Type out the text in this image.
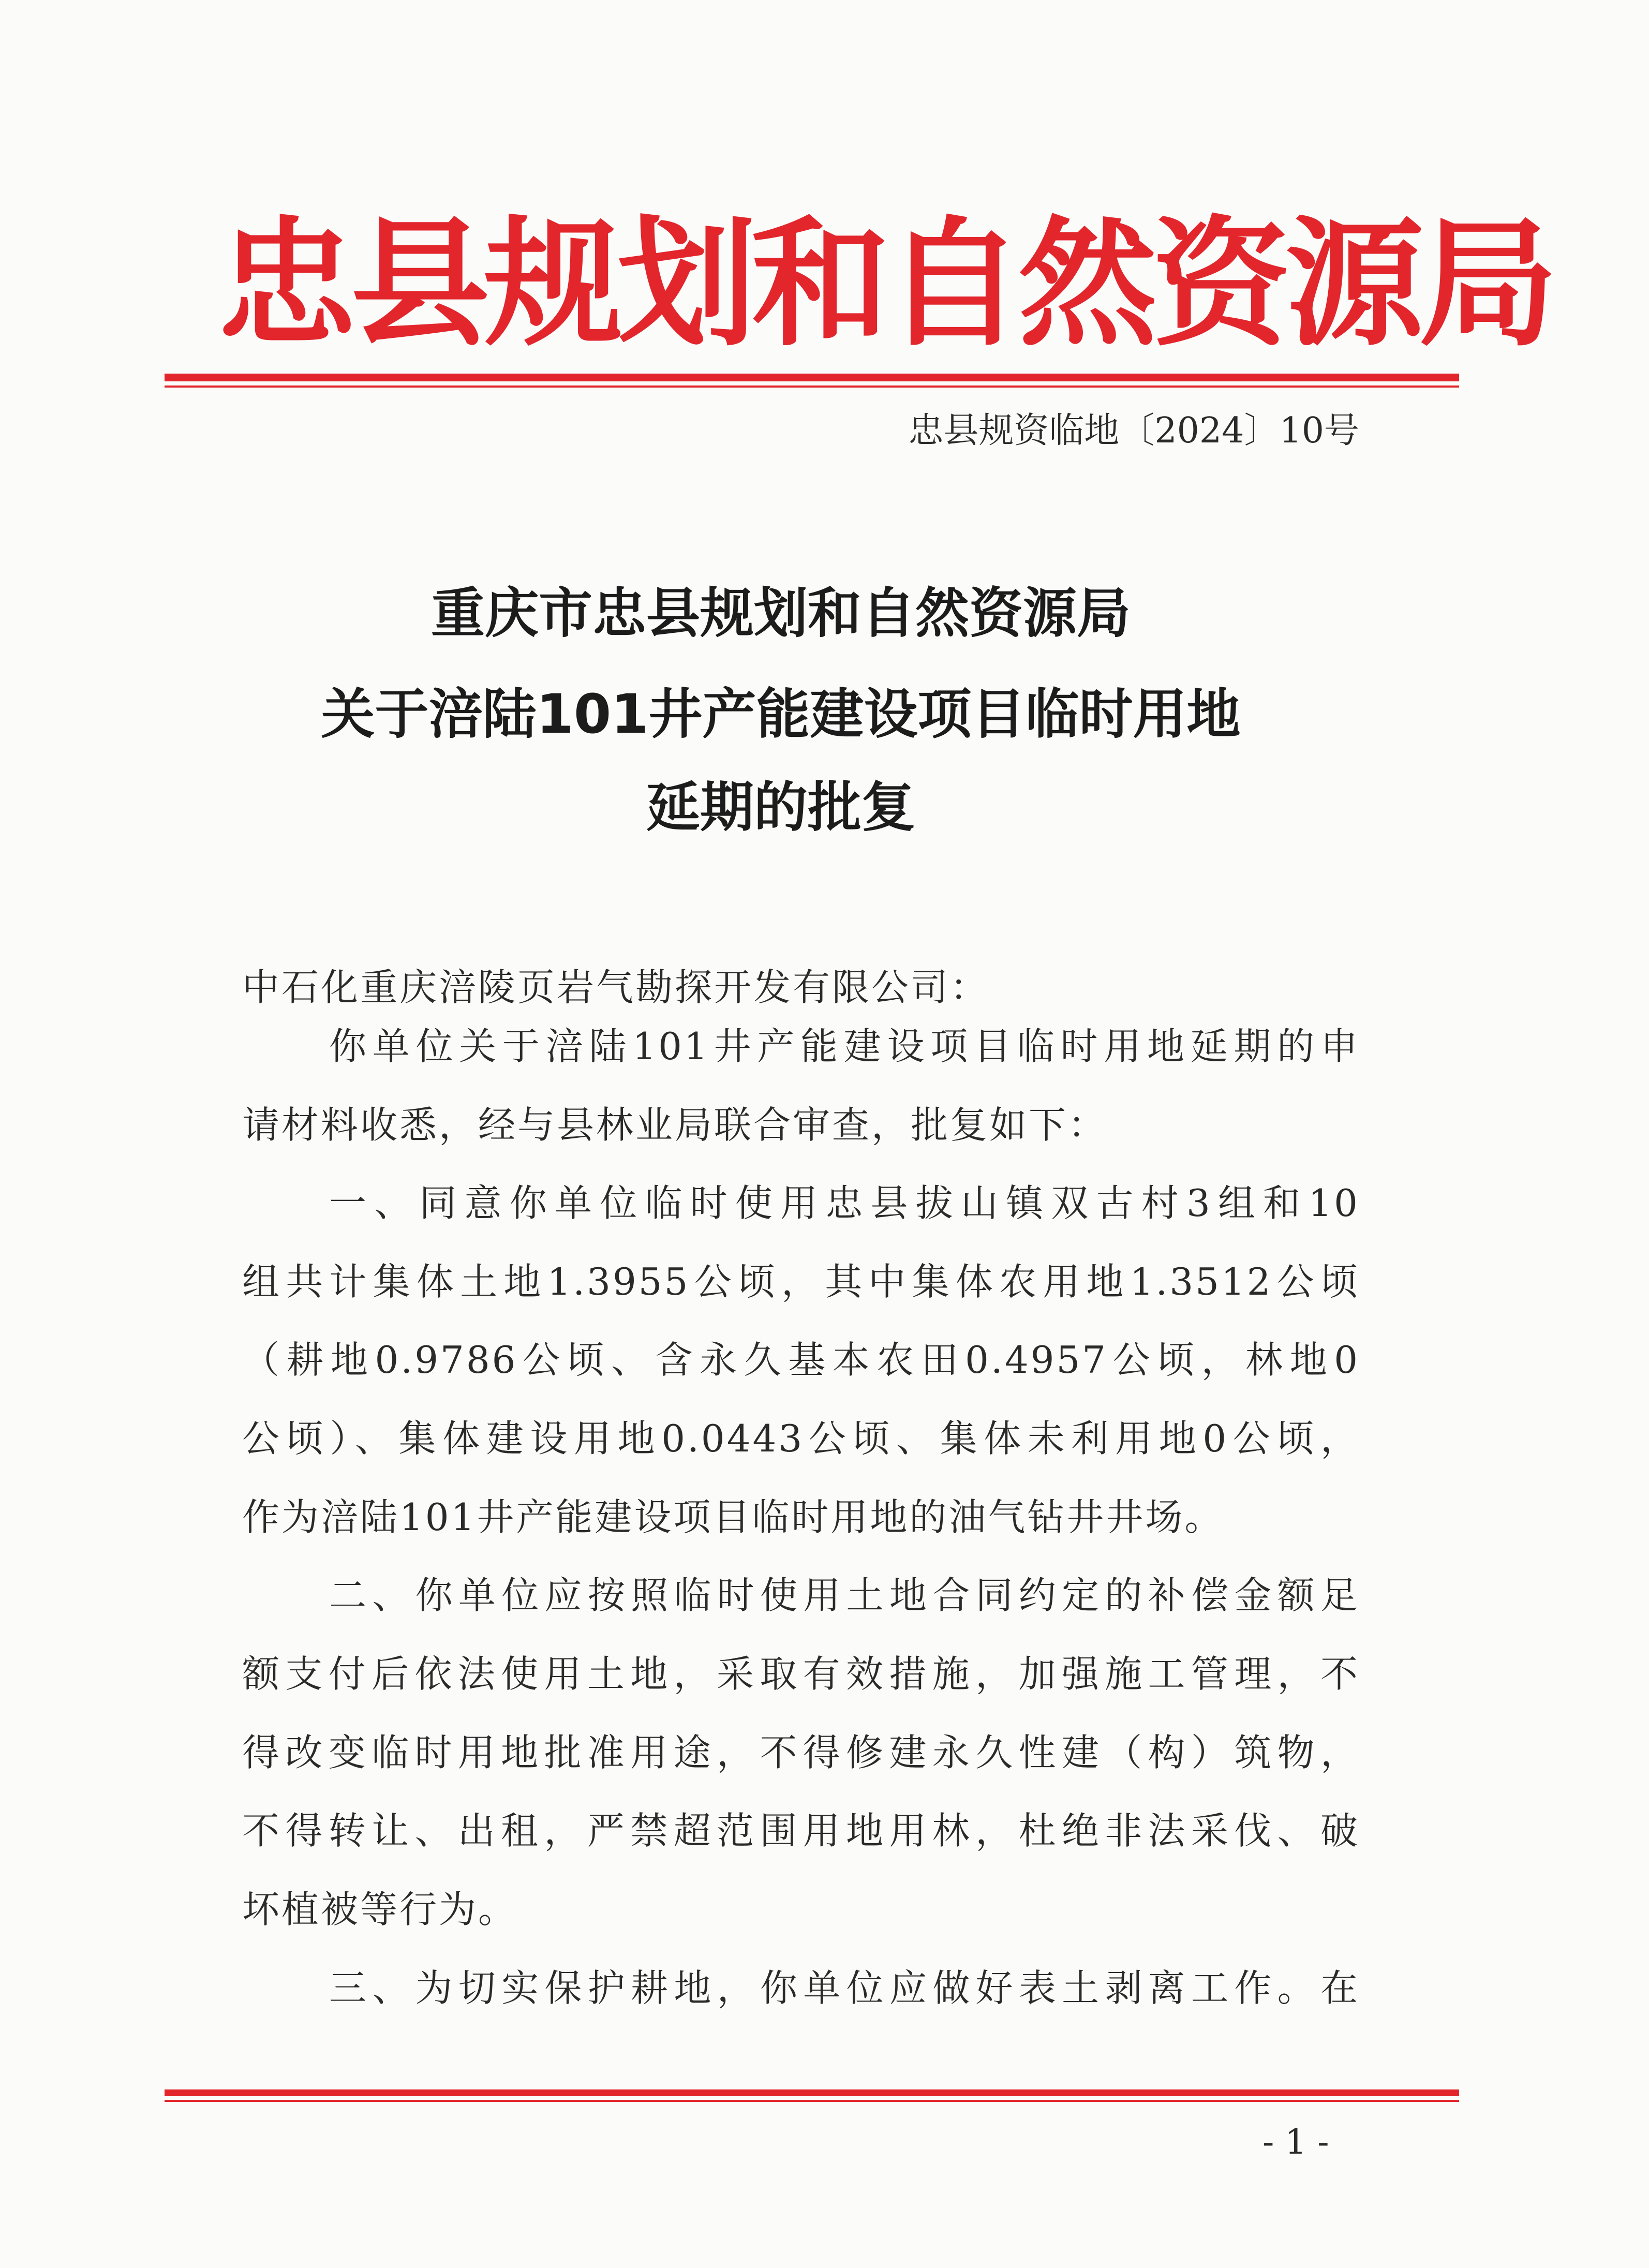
忠县规划和自然资源局
忠县规资临地〔2024〕10号
重庆市忠县规划和自然资源局
关于涪陆101井产能建设项目临时用地
延期的批复
中石化重庆涪陵页岩气勘探开发有限公司：
你单位关于涪陆101井产能建设项目临时用地延期的申
请材料收悉，经与县林业局联合审查，批复如下：
一、同意你单位临时使用忠县拔山镇双古村3组和10
组共计集体土地1.3955公顷，其中集体农用地1.3512公顷
（耕地0.9786公顷、含永久基本农田0.4957公顷，林地0
公顷）、集体建设用地0.0443公顷、集体未利用地0公顷，
作为涪陆101井产能建设项目临时用地的油气钻井井场。
二、你单位应按照临时使用土地合同约定的补偿金额足
额支付后依法使用土地，采取有效措施，加强施工管理，不
得改变临时用地批准用途，不得修建永久性建（构）筑物，
不得转让、出租，严禁超范围用地用林，杜绝非法采伐、破
坏植被等行为。
三、为切实保护耕地，你单位应做好表土剥离工作。在
- 1 -
